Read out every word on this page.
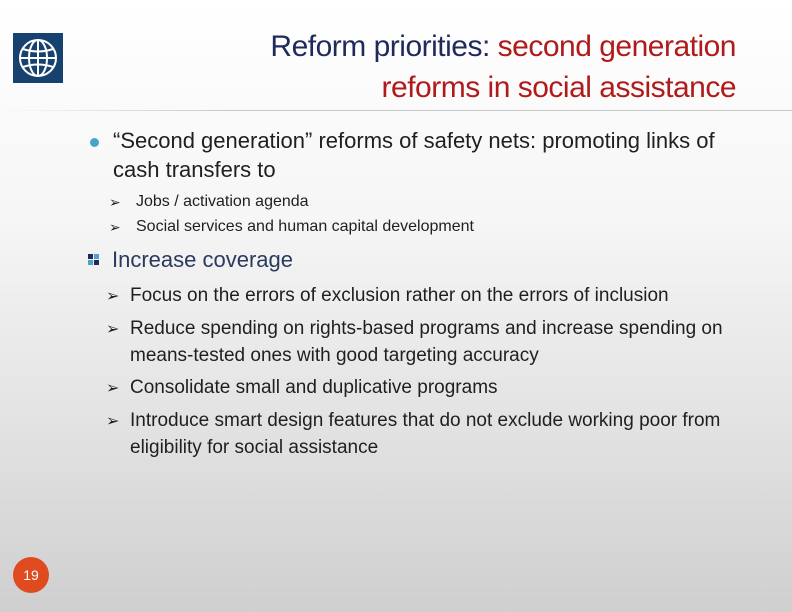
Reform priorities: second generation
reforms in social assistance
“Second generation” reforms of safety nets: promoting links of cash transfers to
➢ Jobs / activation agenda
➢ Social services and human capital development
Increase coverage
➢ Focus on the errors of exclusion rather on the errors of inclusion
➢ Reduce spending on rights-based programs and increase spending on means-tested ones with good targeting accuracy
➢ Consolidate small and duplicative programs
➢ Introduce smart design features that do not exclude working poor from eligibility for social assistance
19
